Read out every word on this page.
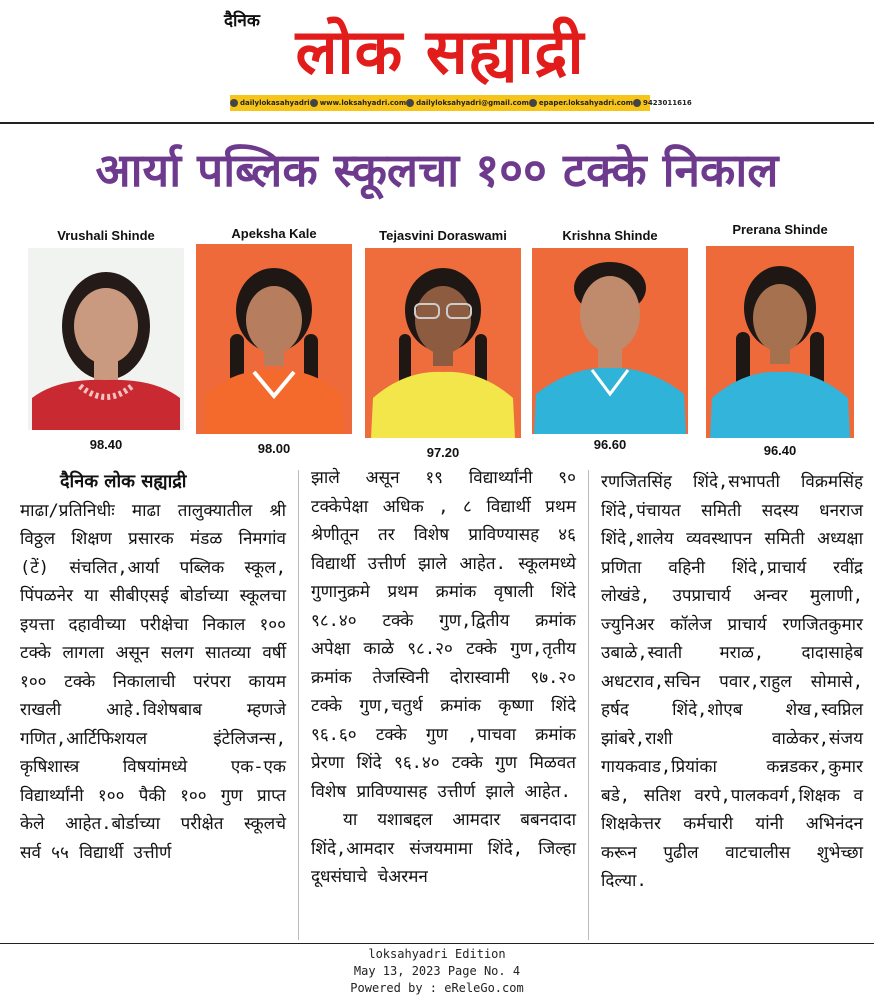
दैनिक लोक सह्याद्री
dailylokasahyadri	www.loksahyadri.com	dailyloksahyadri@gmail.com	epaper.loksahyadri.com	9423011616
आर्या पब्लिक स्कूलचा १०० टक्के निकाल
Vrushali Shinde
98.40
Apeksha Kale
98.00
Tejasvini Doraswami
97.20
Krishna Shinde
96.60
Prerana Shinde
96.40
दैनिक लोक सह्याद्री

माढा/प्रतिनिधीः माढा तालुक्यातील श्री विठ्ठल शिक्षण प्रसारक मंडळ निमगांव (टें) संचलित,आर्या पब्लिक स्कूल, पिंपळनेर या सीबीएसई बोर्डाच्या स्कूलचा इयत्ता दहावीच्या परीक्षेचा निकाल १०० टक्के लागला असून सलग सातव्या वर्षी १०० टक्के निकालाची परंपरा कायम राखली आहे.विशेषबाब म्हणजे गणित,आर्टिफिशयल इंटेलिजन्स, कृषिशास्त्र विषयांमध्ये एक-एक विद्यार्थ्यांनी १०० पैकी १०० गुण प्राप्त केले आहेत.बोर्डाच्या परीक्षेत स्कूलचे सर्व ५५ विद्यार्थी उत्तीर्ण

झाले असून १९ विद्यार्थ्यांनी ९० टक्केपेक्षा अधिक , ८ विद्यार्थी प्रथम श्रेणीतून तर विशेष प्राविण्यासह ४६ विद्यार्थी उत्तीर्ण झाले आहेत. स्कूलमध्ये गुणानुक्रमे प्रथम क्रमांक वृषाली शिंदे ९८.४० टक्के गुण,द्वितीय क्रमांक अपेक्षा काळे ९८.२० टक्के गुण,तृतीय क्रमांक तेजस्विनी दोरास्वामी ९७.२० टक्के गुण,चतुर्थ क्रमांक कृष्णा शिंदे ९६.६० टक्के गुण ,पाचवा क्रमांक प्रेरणा शिंदे ९६.४० टक्के गुण मिळवत विशेष प्राविण्यासह उत्तीर्ण झाले आहेत.

या यशाबद्दल आमदार बबनदादा शिंदे,आमदार संजयमामा शिंदे, जिल्हा दूधसंघाचे चेअरमन

रणजितसिंह शिंदे,सभापती विक्रमसिंह शिंदे,पंचायत समिती सदस्य धनराज शिंदे,शालेय व्यवस्थापन समिती अध्यक्षा प्रणिता वहिनी शिंदे,प्राचार्य रवींद्र लोखंडे, उपप्राचार्य अन्वर मुलाणी, ज्युनिअर कॉलेज प्राचार्य रणजितकुमार उबाळे,स्वाती मराळ, दादासाहेब अधटराव,सचिन पवार,राहुल सोमासे, हर्षद शिंदे,शोएब शेख,स्वप्निल झांबरे,राशी वाळेकर,संजय गायकवाड,प्रियांका कन्नडकर,कुमार बडे, सतिश वरपे,पालकवर्ग,शिक्षक व शिक्षकेत्तर कर्मचारी यांनी अभिनंदन करून पुढील वाटचालीस शुभेच्छा दिल्या.

loksahyadri Edition
May 13, 2023 Page No. 4
Powered by : eReleGo.com
